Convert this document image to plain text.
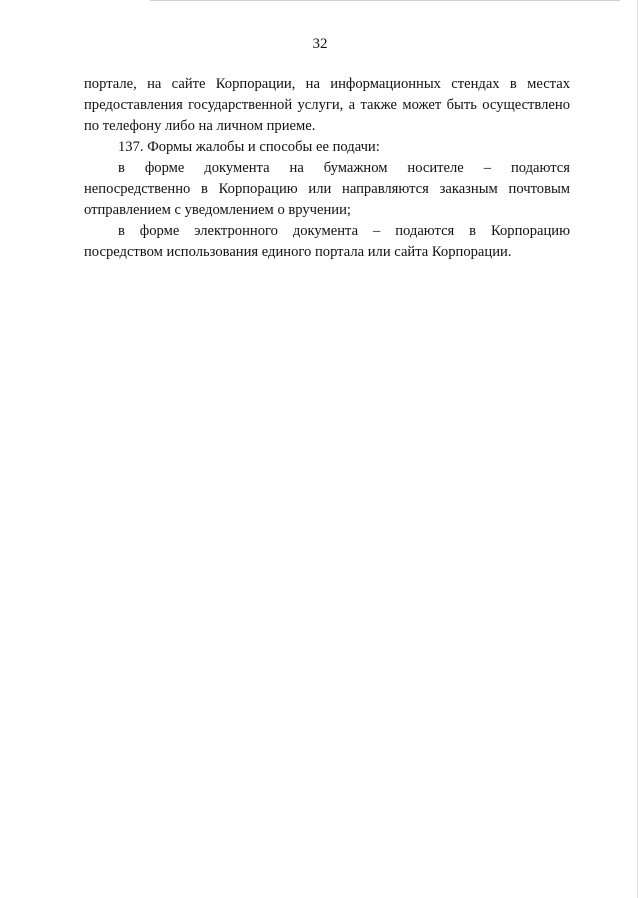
32

портале, на сайте Корпорации, на информационных стендах в местах
предоставления государственной услуги, а также может быть осуществлено
по телефону либо на личном приеме.

137. Формы жалобы и способы ее подачи:

в форме документа на бумажном носителе – подаются
непосредственно в Корпорацию или направляются заказным почтовым
отправлением с уведомлением о вручении;

в форме электронного документа – подаются в Корпорацию
посредством использования единого портала или сайта Корпорации.
